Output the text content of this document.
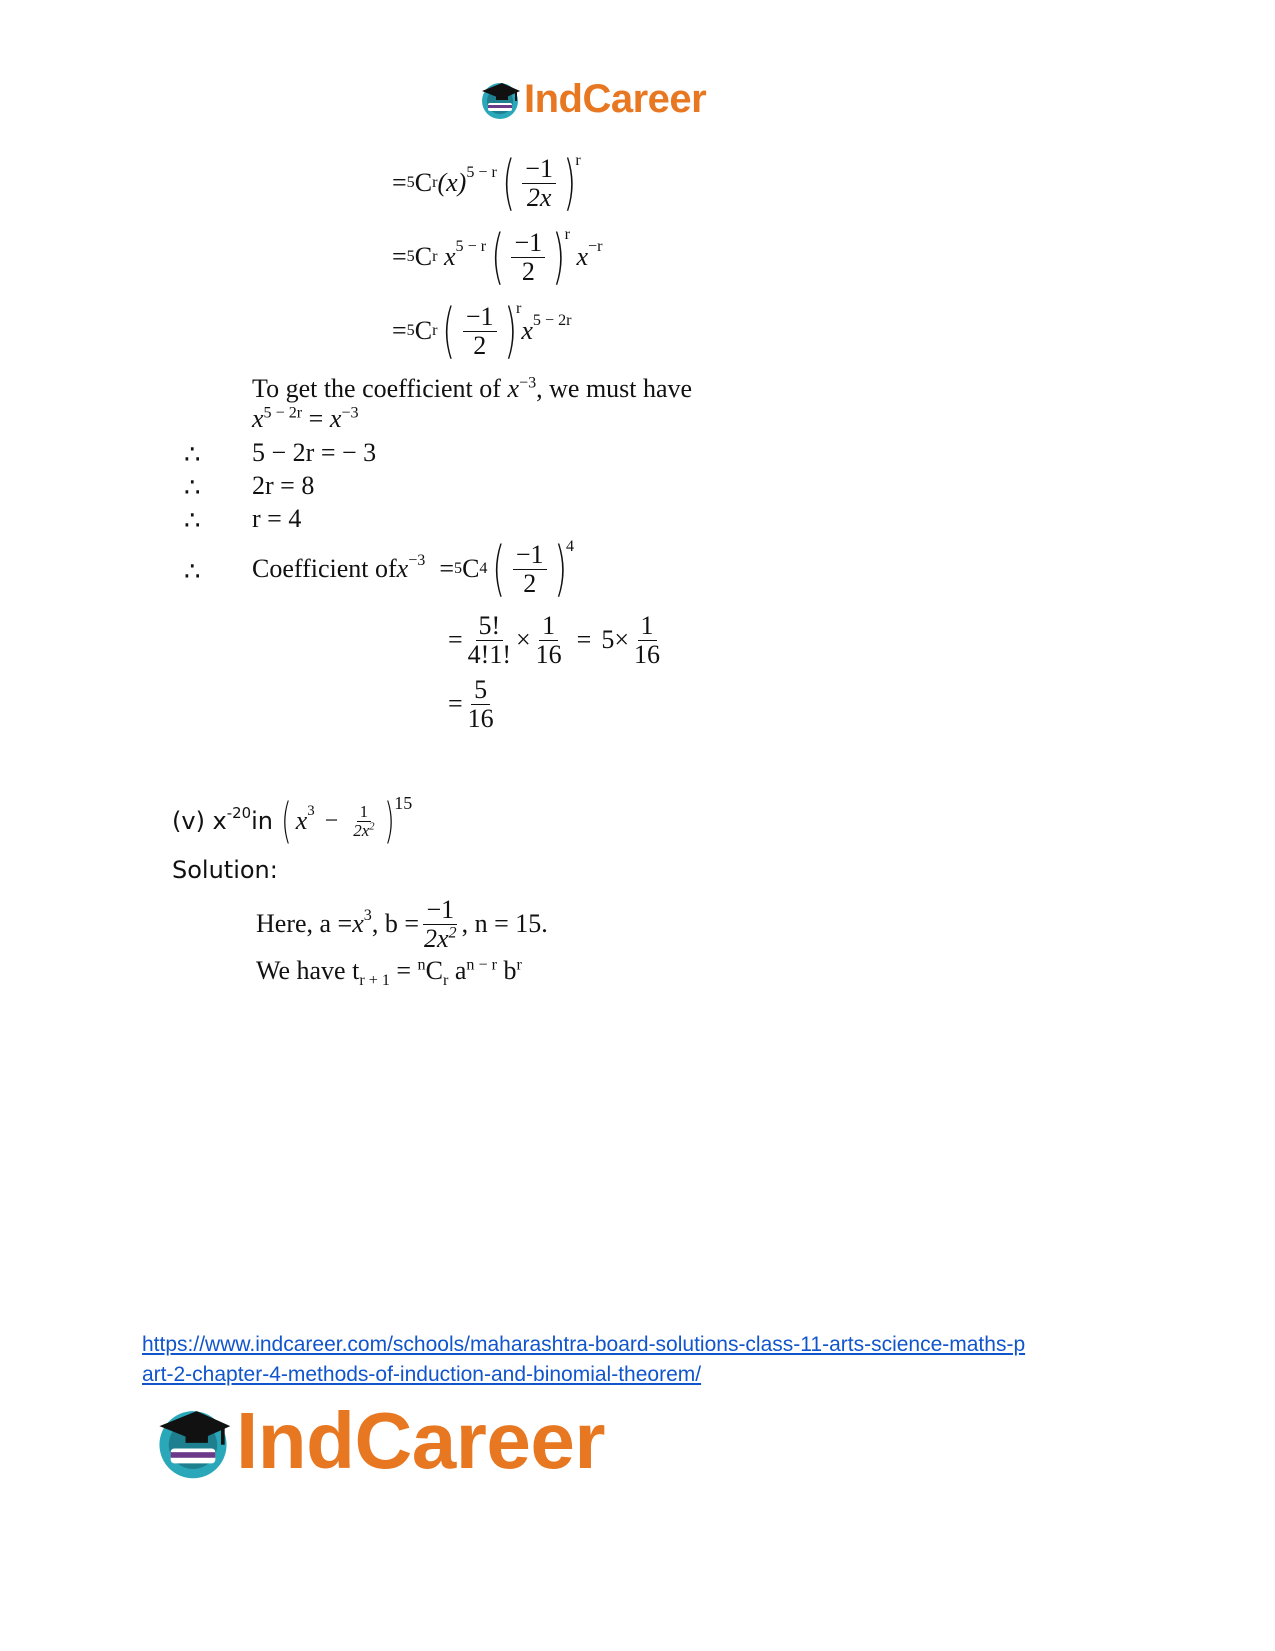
IndCareer
= 5 C r $(x)^{5 - r}$ ( $\frac{-1}{2x} )^r$
= 5 C r
$x^{5 - r}$ ( $\frac{-1}{2} )^r$

$x^{-r}$
= 5 C r ( $\frac{-1}{2} )^r$
$x^{5 - 2r}$
To get the coefficient of $x^{-3}$, we must have
$x^{5 - 2r} = x^{-3}$
∴ 5 − 2r = − 3
∴ 2r = 8
∴ r = 4
∴ Coefficient of $x^{-3} = 5$ C 4 ( $\frac{-1}{2} )^4$
= $\frac{5!}{4!1!} \times \frac{1}{16} = 5 \times \frac{1}{16}$
= $\frac{5}{16}$
(v) $x^{-20}$ in ( $x^3 - \frac{1}{2x^2} )^{15}$
Solution:
Here, $a = x^3$ , $b = \frac{-1}{2x^2}$ , n = 15.
We have $t_{r + 1} = ^nC_r$ $a^{n - r}$ $b^r$
https://www.indcareer.com/schools/maharashtra-board-solutions-class-11-arts-science-maths-p
art-2-chapter-4-methods-of-induction-and-binomial-theorem/
IndCareer
